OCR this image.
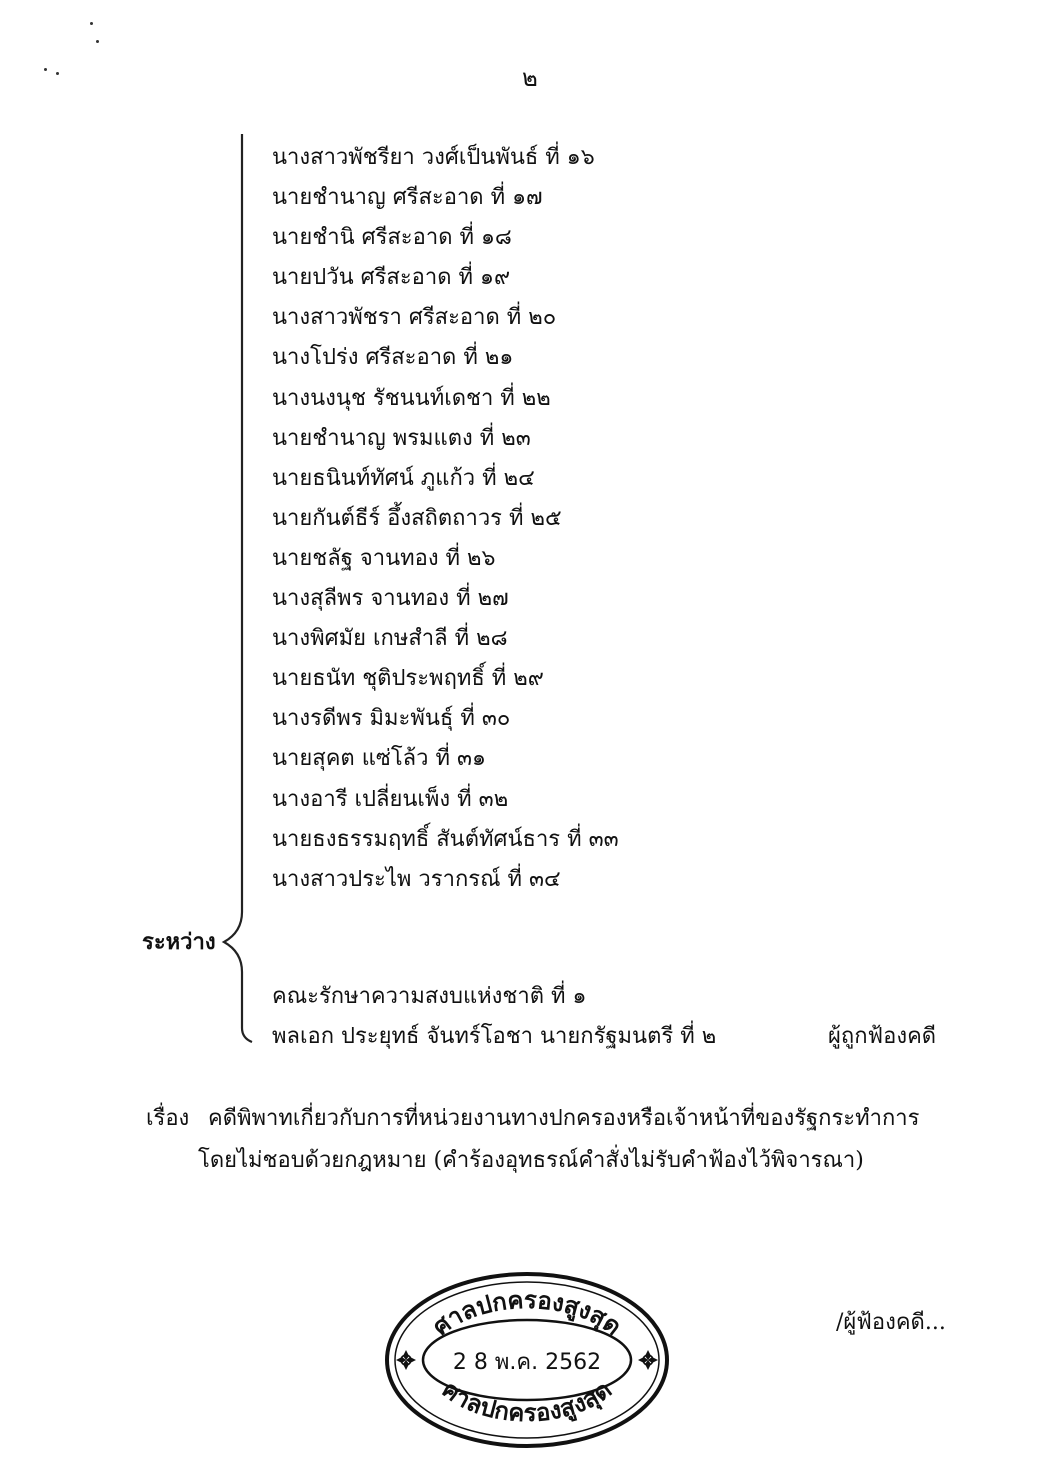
๒
นางสาวพัชรียา วงศ์เป็นพันธ์ ที่ ๑๖
นายชำนาญ ศรีสะอาด ที่ ๑๗
นายชำนิ ศรีสะอาด ที่ ๑๘
นายปวัน ศรีสะอาด ที่ ๑๙
นางสาวพัชรา ศรีสะอาด ที่ ๒๐
นางโปร่ง ศรีสะอาด ที่ ๒๑
นางนงนุช รัชนนท์เดชา ที่ ๒๒
นายชำนาญ พรมแตง ที่ ๒๓
นายธนินท์ทัศน์ ภูแก้ว ที่ ๒๔
นายกันต์ธีร์ อึ้งสถิตถาวร ที่ ๒๕
นายชลัฐ จานทอง ที่ ๒๖
นางสุลีพร จานทอง ที่ ๒๗
นางพิศมัย เกษสำลี ที่ ๒๘
นายธนัท ชุติประพฤทธิ์ ที่ ๒๙
นางรดีพร มิมะพันธุ์ ที่ ๓๐
นายสุคต แซ่โล้ว ที่ ๓๑
นางอารี เปลี่ยนเพ็ง ที่ ๓๒
นายธงธรรมฤทธิ์ สันต์ทัศน์ธาร ที่ ๓๓
นางสาวประไพ วรากรณ์ ที่ ๓๔
ระหว่าง
คณะรักษาความสงบแห่งชาติ ที่ ๑
พลเอก ประยุทธ์ จันทร์โอชา นายกรัฐมนตรี ที่ ๒	ผู้ถูกฟ้องคดี
เรื่อง คดีพิพาทเกี่ยวกับการที่หน่วยงานทางปกครองหรือเจ้าหน้าที่ของรัฐกระทำการ
โดยไม่ชอบด้วยกฎหมาย (คำร้องอุทธรณ์คำสั่งไม่รับคำฟ้องไว้พิจารณา)
ศาลปกครองสูงสุด
ศาลปกครองสูงสุด
2 8 พ.ค. 2562
/ผู้ฟ้องคดี...
